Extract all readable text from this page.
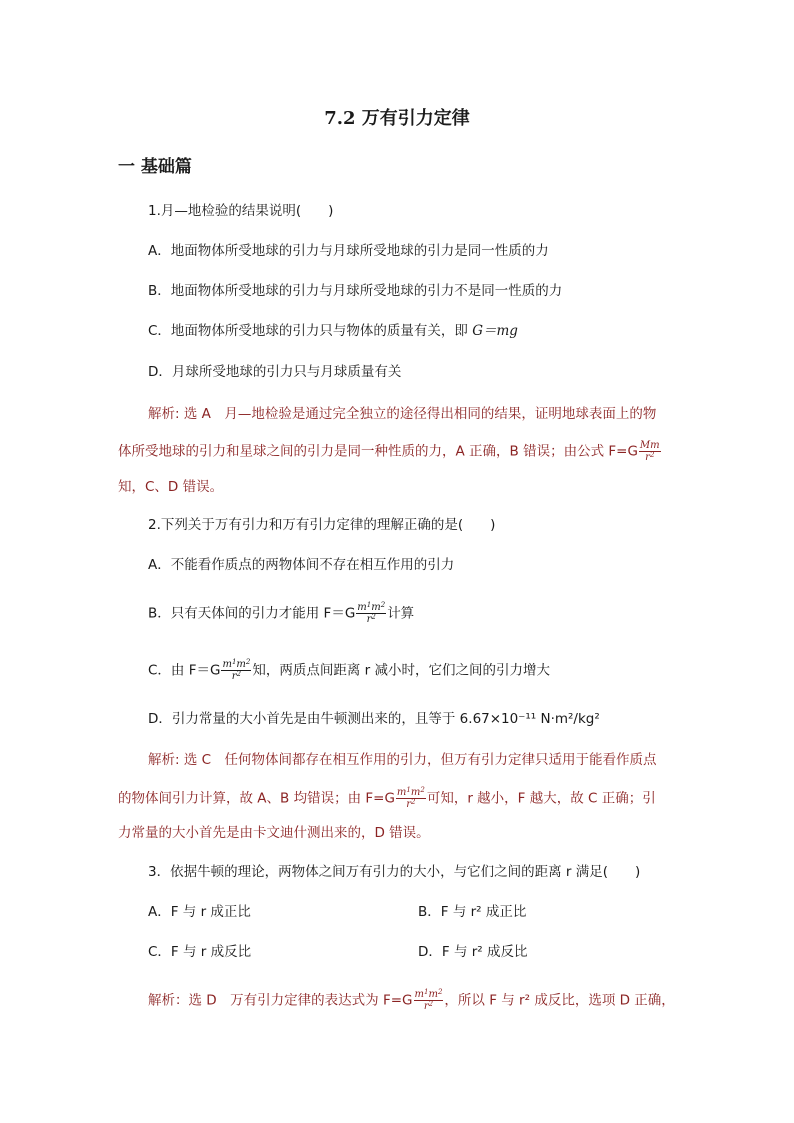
7.2 万有引力定律
一 基础篇
1.月—地检验的结果说明(　　)
A．地面物体所受地球的引力与月球所受地球的引力是同一性质的力
B．地面物体所受地球的引力与月球所受地球的引力不是同一性质的力
C．地面物体所受地球的引力只与物体的质量有关，即 G＝mg
D．月球所受地球的引力只与月球质量有关
解析: 选 A　月—地检验是通过完全独立的途径得出相同的结果，证明地球表面上的物
体所受地球的引力和星球之间的引力是同一种性质的力，A 正确，B 错误；由公式 $F=G \frac{Mm}{r^2}$
知，C、D 错误。
2.下列关于万有引力和万有引力定律的理解正确的是(　　)
A．不能看作质点的两物体间不存在相互作用的引力
B．只有天体间的引力才能用 $F=G \frac{m^1m^2}{r^2}$ 计算
C．由 $F=G \frac{m^1m^2}{r^2}$ 知，两质点间距离 r 减小时，它们之间的引力增大
D．引力常量的大小首先是由牛顿测出来的，且等于 6.67×10⁻¹¹ N·m²/kg²
解析: 选 C　任何物体间都存在相互作用的引力，但万有引力定律只适用于能看作质点
的物体间引力计算，故 A、B 均错误；由 $F=G \frac{m^1m^2}{r^2}$ 可知，r 越小，F 越大，故 C 正确；引
力常量的大小首先是由卡文迪什测出来的，D 错误。
3．依据牛顿的理论，两物体之间万有引力的大小，与它们之间的距离 r 满足(　　)
A．F 与 r 成正比	B．F 与 r² 成正比
C．F 与 r 成反比	D．F 与 r² 成反比
解析：选 D　万有引力定律的表达式为 $F=G \frac{m^1m^2}{r^2}$ ，所以 F 与 r² 成反比，选项 D 正确，
